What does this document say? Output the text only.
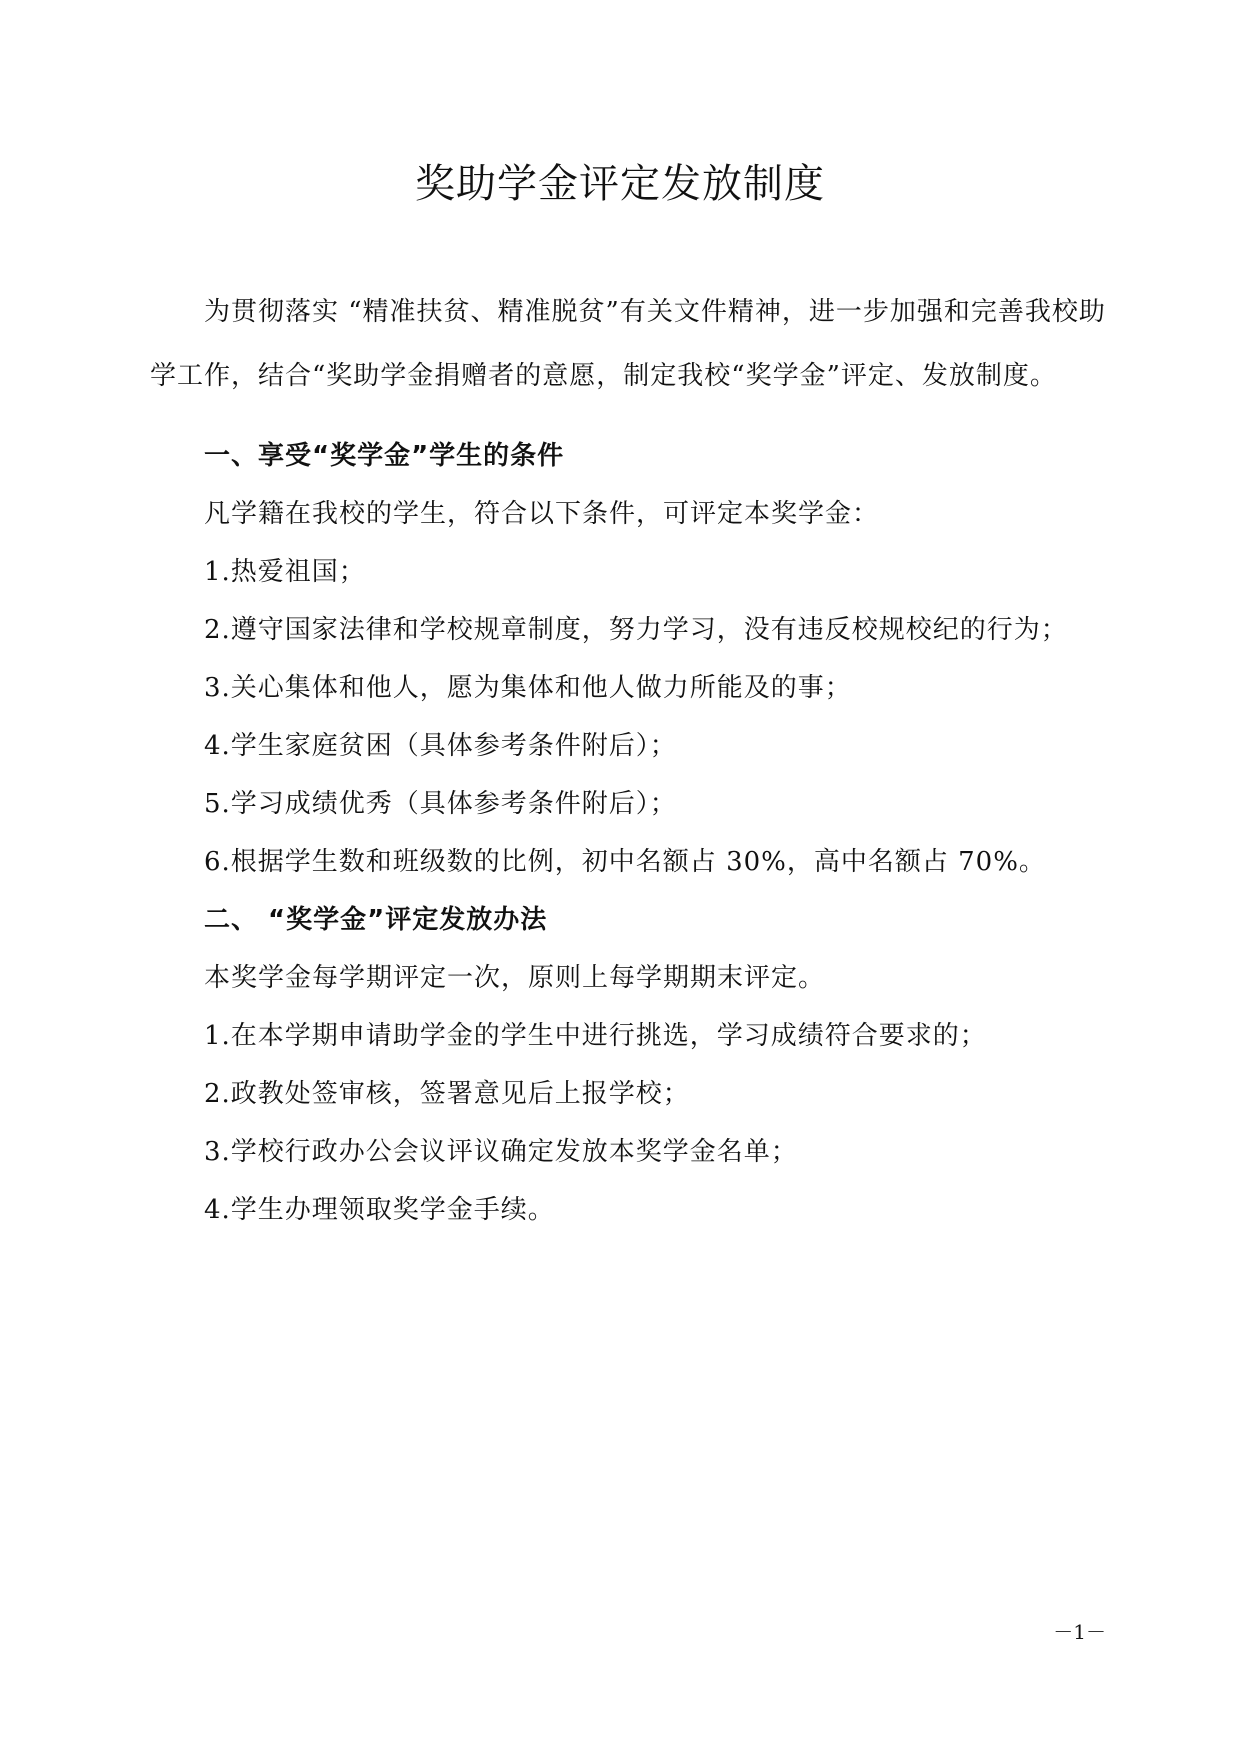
奖助学金评定发放制度

为贯彻落实 “精准扶贫、精准脱贫”有关文件精神，进一步加强和完善我校助学工作，结合“奖助学金捐赠者的意愿，制定我校“奖学金”评定、发放制度。

一、享受“奖学金”学生的条件

凡学籍在我校的学生，符合以下条件，可评定本奖学金：

1.热爱祖国；

2.遵守国家法律和学校规章制度，努力学习，没有违反校规校纪的行为；

3.关心集体和他人，愿为集体和他人做力所能及的事；

4.学生家庭贫困（具体参考条件附后）；

5.学习成绩优秀（具体参考条件附后）；

6.根据学生数和班级数的比例，初中名额占 30%，高中名额占 70%。

二、 “奖学金”评定发放办法

本奖学金每学期评定一次，原则上每学期期末评定。

1.在本学期申请助学金的学生中进行挑选，学习成绩符合要求的；

2.政教处签审核，签署意见后上报学校；

3.学校行政办公会议评议确定发放本奖学金名单；

4.学生办理领取奖学金手续。

－1－
